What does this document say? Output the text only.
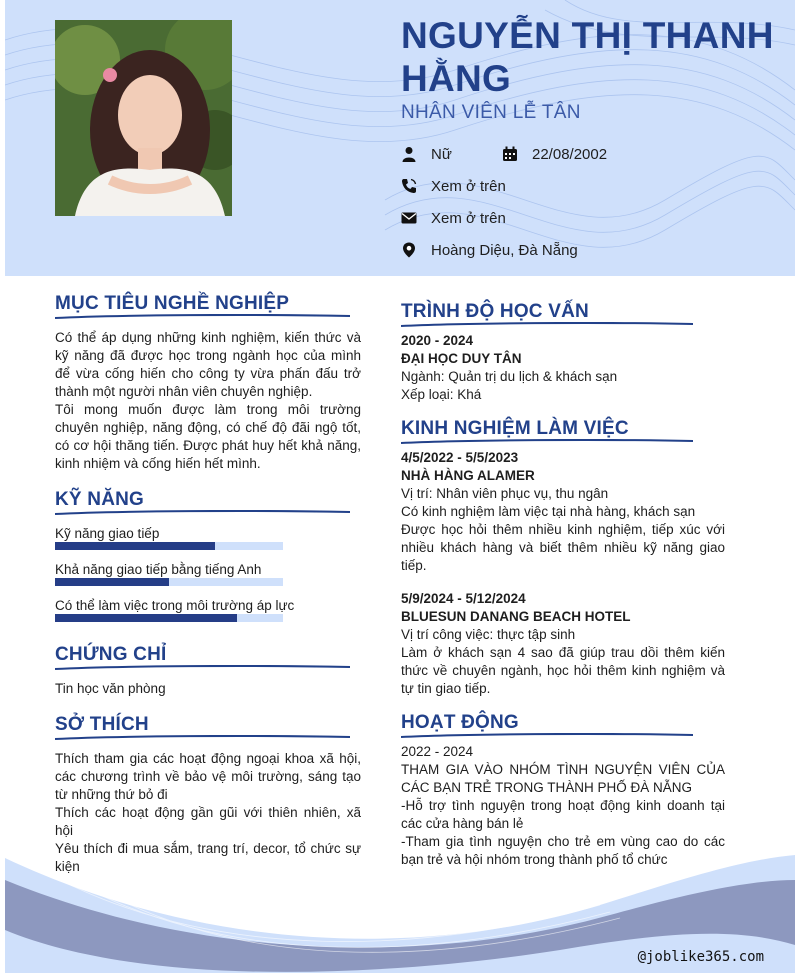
NGUYỄN THỊ THANH HẰNG
NHÂN VIÊN LỄ TÂN
Nữ	22/08/2002
Xem ở trên
Xem ở trên
Hoàng Diệu, Đà Nẵng
MỤC TIÊU NGHỀ NGHIỆP
Có thể áp dụng những kinh nghiệm, kiến thức và kỹ năng đã được học trong ngành học của mình để vừa cống hiến cho công ty vừa phấn đấu trở thành một người nhân viên chuyên nghiệp.
Tôi mong muốn được làm trong môi trường chuyên nghiệp, năng động, có chế độ đãi ngộ tốt, có cơ hội thăng tiến. Được phát huy hết khả năng, kinh nhiệm và cống hiến hết mình.
KỸ NĂNG
Kỹ năng giao tiếp
Khả năng giao tiếp bằng tiếng Anh
Có thể làm việc trong môi trường áp lực
CHỨNG CHỈ
Tin học văn phòng
SỞ THÍCH
Thích tham gia các hoạt động ngoại khoa xã hội, các chương trình về bảo vệ môi trường, sáng tạo từ những thứ bỏ đi
Thích các hoạt động gần gũi với thiên nhiên, xã hội
Yêu thích đi mua sắm, trang trí, decor, tổ chức sự kiện
TRÌNH ĐỘ HỌC VẤN
2020 - 2024
ĐẠI HỌC DUY TÂN
Ngành: Quản trị du lịch & khách sạn
Xếp loại: Khá
KINH NGHIỆM LÀM VIỆC
4/5/2022 - 5/5/2023
NHÀ HÀNG ALAMER
Vị trí: Nhân viên phục vụ, thu ngân
Có kinh nghiệm làm việc tại nhà hàng, khách sạn
Được học hỏi thêm nhiều kinh nghiệm, tiếp xúc với nhiều khách hàng và biết thêm nhiều kỹ năng giao tiếp.
5/9/2024 - 5/12/2024
BLUESUN DANANG BEACH HOTEL
Vị trí công việc: thực tập sinh
Làm ở khách sạn 4 sao đã giúp trau dồi thêm kiến thức về chuyên ngành, học hỏi thêm kinh nghiệm và tự tin giao tiếp.
HOẠT ĐỘNG
2022 - 2024
THAM GIA VÀO NHÓM TÌNH NGUYỆN VIÊN CỦA CÁC BẠN TRẺ TRONG THÀNH PHỐ ĐÀ NẴNG
-Hỗ trợ tình nguyện trong hoạt động kinh doanh tại các cửa hàng bán lẻ
-Tham gia tình nguyện cho trẻ em vùng cao do các bạn trẻ và hội nhóm trong thành phố tổ chức
@joblike365.com
